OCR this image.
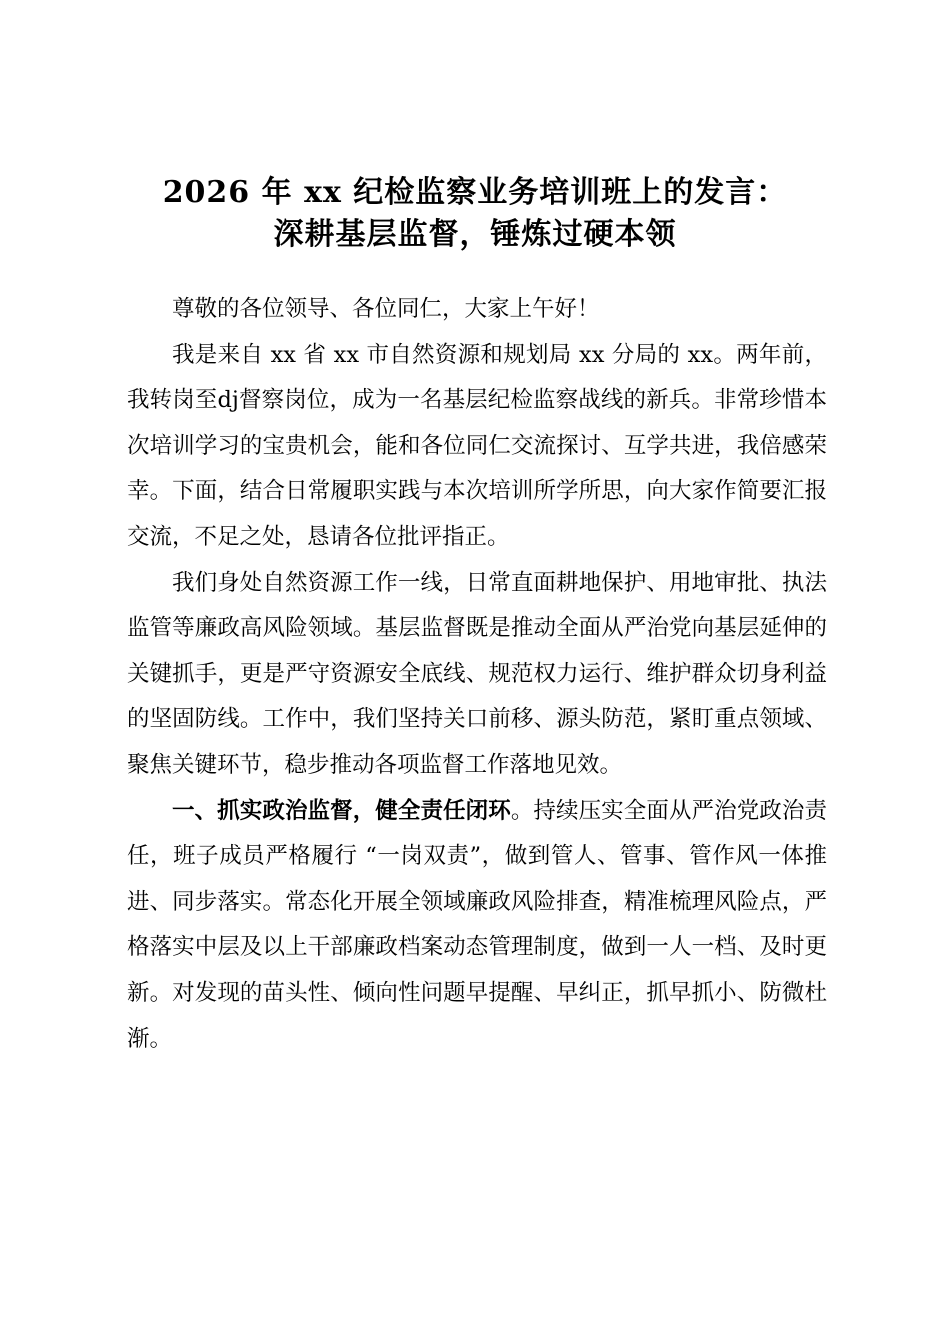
2026 年 xx 纪检监察业务培训班上的发言：
深耕基层监督，锤炼过硬本领

尊敬的各位领导、各位同仁，大家上午好！

我是来自 xx 省 xx 市自然资源和规划局 xx 分局的 xx。两年前，我转岗至dj督察岗位，成为一名基层纪检监察战线的新兵。非常珍惜本次培训学习的宝贵机会，能和各位同仁交流探讨、互学共进，我倍感荣幸。下面，结合日常履职实践与本次培训所学所思，向大家作简要汇报交流，不足之处，恳请各位批评指正。

我们身处自然资源工作一线，日常直面耕地保护、用地审批、执法监管等廉政高风险领域。基层监督既是推动全面从严治党向基层延伸的关键抓手，更是严守资源安全底线、规范权力运行、维护群众切身利益的坚固防线。工作中，我们坚持关口前移、源头防范，紧盯重点领域、聚焦关键环节，稳步推动各项监督工作落地见效。

一、抓实政治监督，健全责任闭环。持续压实全面从严治党政治责任，班子成员严格履行 “一岗双责”，做到管人、管事、管作风一体推进、同步落实。常态化开展全领域廉政风险排查，精准梳理风险点，严格落实中层及以上干部廉政档案动态管理制度，做到一人一档、及时更新。对发现的苗头性、倾向性问题早提醒、早纠正，抓早抓小、防微杜渐。
